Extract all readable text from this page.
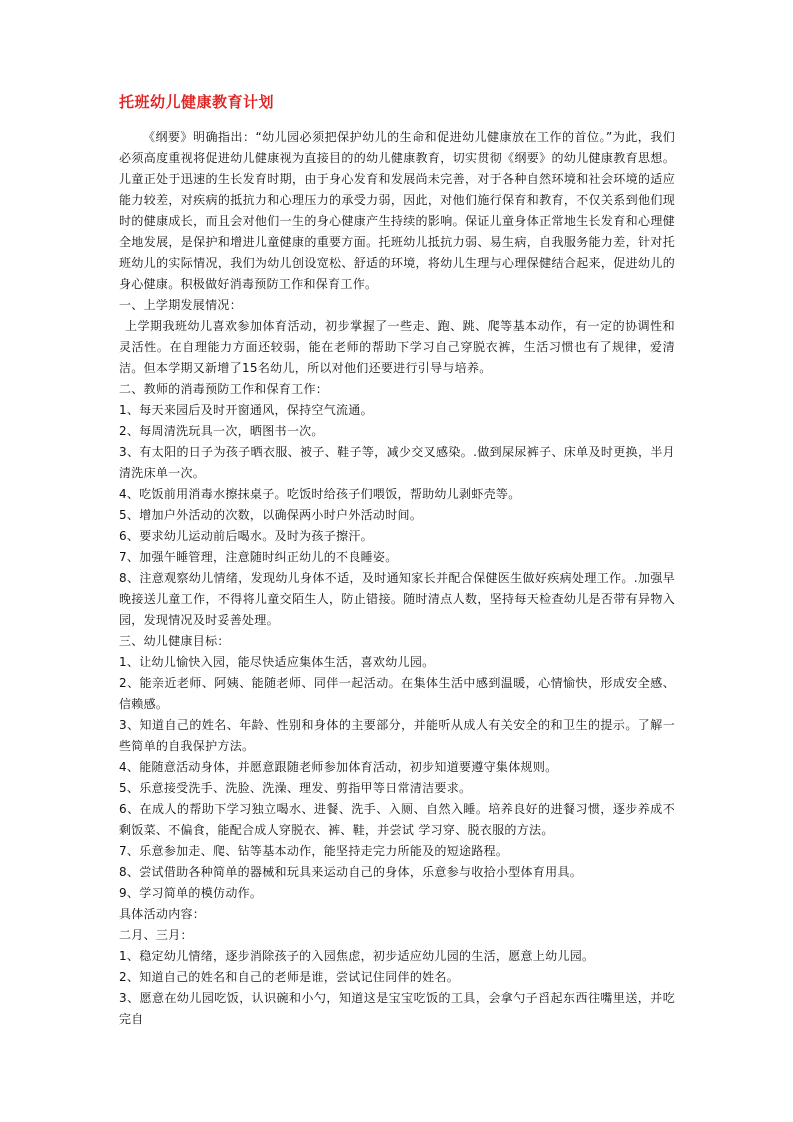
托班幼儿健康教育计划

《纲要》明确指出：“幼儿园必须把保护幼儿的生命和促进幼儿健康放在工作的首位。”为此，我们必须高度重视将促进幼儿健康视为直接目的的幼儿健康教育，切实贯彻《纲要》的幼儿健康教育思想。儿童正处于迅速的生长发育时期，由于身心发育和发展尚未完善，对于各种自然环境和社会环境的适应能力较差，对疾病的抵抗力和心理压力的承受力弱，因此，对他们施行保育和教育，不仅关系到他们现时的健康成长，而且会对他们一生的身心健康产生持续的影响。保证儿童身体正常地生长发育和心理健全地发展，是保护和增进儿童健康的重要方面。托班幼儿抵抗力弱、易生病，自我服务能力差，针对托班幼儿的实际情况，我们为幼儿创设宽松、舒适的环境，将幼儿生理与心理保健结合起来，促进幼儿的身心健康。积极做好消毒预防工作和保育工作。

一、上学期发展情况：

上学期我班幼儿喜欢参加体育活动，初步掌握了一些走、跑、跳、爬等基本动作，有一定的协调性和灵活性。在自理能力方面还较弱，能在老师的帮助下学习自己穿脱衣裤，生活习惯也有了规律，爱清洁。但本学期又新增了15名幼儿，所以对他们还要进行引导与培养。

二、教师的消毒预防工作和保育工作：

1、每天来园后及时开窗通风，保持空气流通。

2、每周清洗玩具一次，晒图书一次。

3、有太阳的日子为孩子晒衣服、被子、鞋子等，减少交叉感染。.做到屎尿裤子、床单及时更换，半月清洗床单一次。

4、吃饭前用消毒水擦抹桌子。吃饭时给孩子们喂饭，帮助幼儿剥虾壳等。

5、增加户外活动的次数，以确保两小时户外活动时间。

6、要求幼儿运动前后喝水。及时为孩子擦汗。

7、加强午睡管理，注意随时纠正幼儿的不良睡姿。

8、注意观察幼儿情绪，发现幼儿身体不适，及时通知家长并配合保健医生做好疾病处理工作。.加强早晚接送儿童工作，不得将儿童交陌生人，防止错接。随时清点人数，坚持每天检查幼儿是否带有异物入园，发现情况及时妥善处理。

三、幼儿健康目标：

1、让幼儿愉快入园，能尽快适应集体生活，喜欢幼儿园。

2、能亲近老师、阿姨、能随老师、同伴一起活动。在集体生活中感到温暖，心情愉快，形成安全感、信赖感。

3、知道自己的姓名、年龄、性别和身体的主要部分，并能听从成人有关安全的和卫生的提示。了解一些简单的自我保护方法。

4、能随意活动身体，并愿意跟随老师参加体育活动，初步知道要遵守集体规则。

5、乐意接受洗手、洗脸、洗澡、理发、剪指甲等日常清洁要求。

6、在成人的帮助下学习独立喝水、进餐、洗手、入厕、自然入睡。培养良好的进餐习惯，逐步养成不剩饭菜、不偏食，能配合成人穿脱衣、裤、鞋，并尝试 学习穿、脱衣服的方法。

7、乐意参加走、爬、钻等基本动作，能坚持走完力所能及的短途路程。

8、尝试借助各种简单的器械和玩具来运动自己的身体，乐意参与收拾小型体育用具。

9、学习简单的模仿动作。

具体活动内容：

二月、三月：

1、稳定幼儿情绪，逐步消除孩子的入园焦虑，初步适应幼儿园的生活，愿意上幼儿园。

2、知道自己的姓名和自己的老师是谁，尝试记住同伴的姓名。

3、愿意在幼儿园吃饭，认识碗和小勺，知道这是宝宝吃饭的工具，会拿勺子舀起东西往嘴里送，并吃完自
